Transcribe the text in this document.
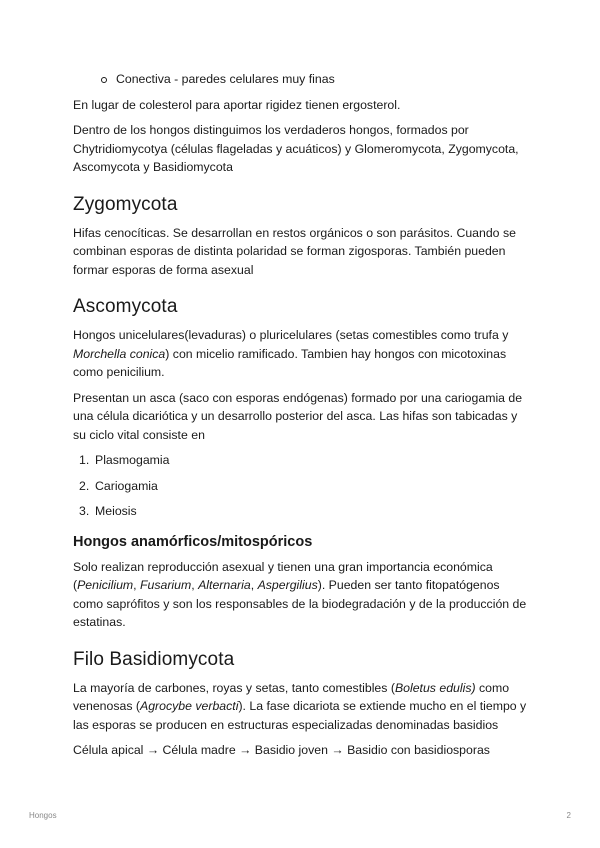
Conectiva - paredes celulares muy finas

En lugar de colesterol para aportar rigidez tienen ergosterol.

Dentro de los hongos distinguimos los verdaderos hongos, formados por Chytridiomycotya (células flageladas y acuáticos) y Glomeromycota, Zygomycota, Ascomycota y Basidiomycota

Zygomycota

Hifas cenocíticas. Se desarrollan en restos orgánicos o son parásitos. Cuando se combinan esporas de distinta polaridad se forman zigosporas. También pueden formar esporas de forma asexual

Ascomycota

Hongos unicelulares(levaduras) o pluricelulares (setas comestibles como trufa y Morchella conica) con micelio ramificado. Tambien hay hongos con micotoxinas como penicilium.

Presentan un asca (saco con esporas endógenas) formado por una cariogamia de una célula dicariótica y un desarrollo posterior del asca. Las hifas son tabicadas y su ciclo vital consiste en

1. Plasmogamia
2. Cariogamia
3. Meiosis
Hongos anamórficos/mitospóricos

Solo realizan reproducción asexual y tienen una gran importancia económica (Penicilium, Fusarium, Alternaria, Aspergilius). Pueden ser tanto fitopatógenos como saprófitos y son los responsables de la biodegradación y de la producción de estatinas.

Filo Basidiomycota

La mayoría de carbones, royas y setas, tanto comestibles (Boletus edulis) como venenosas (Agrocybe verbacti). La fase dicariota se extiende mucho en el tiempo y las esporas se producen en estructuras especializadas denominadas basidios

Célula apical → Célula madre → Basidio joven → Basidio con basidiosporas

Hongos	2
